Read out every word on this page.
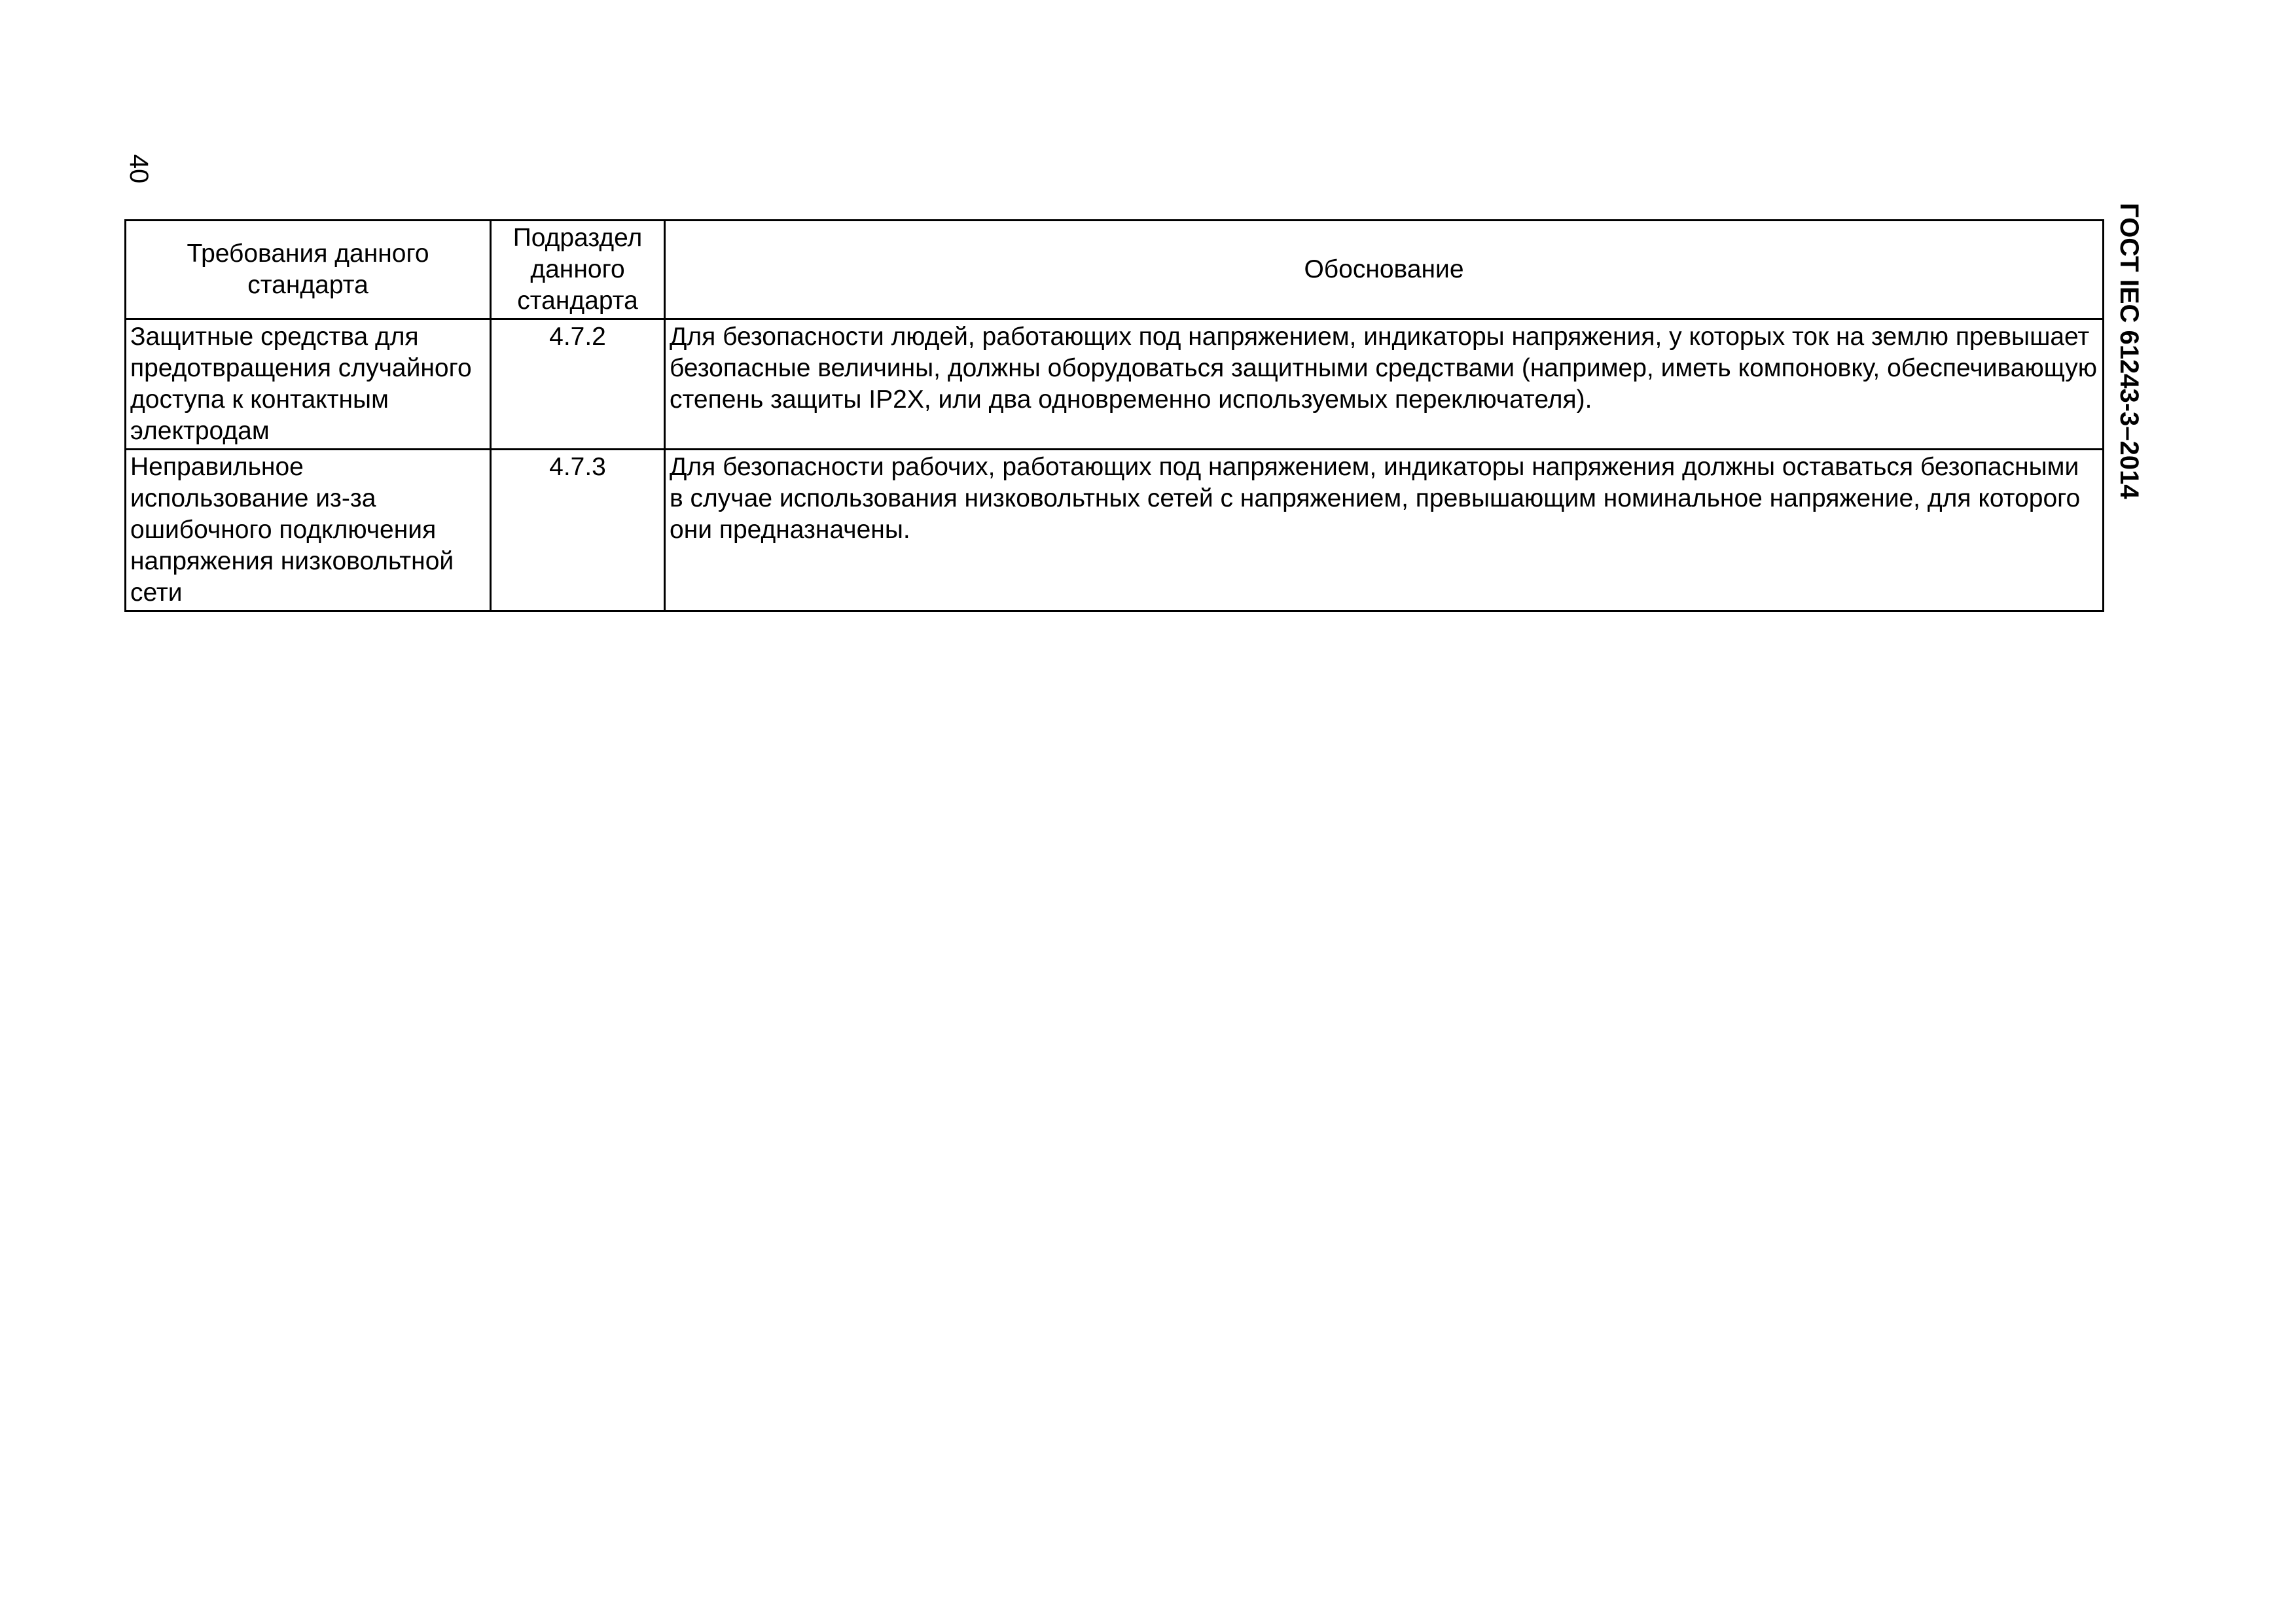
40
ГОСТ IEC 61243-3–2014
Требования данного стандарта	Подраздел данного стандарта	Обоснование
Защитные средства для предотвращения случайного доступа к контактным электродам	4.7.2	Для безопасности людей, работающих под напряжением, индикаторы напряжения, у которых ток на землю превышает безопасные величины, должны оборудоваться защитными средствами (например, иметь компоновку, обеспечивающую степень защиты IP2X, или два одновременно используемых переключателя).
Неправильное использование из-за ошибочного подключения напряжения низковольтной сети	4.7.3	Для безопасности рабочих, работающих под напряжением, индикаторы напряжения должны оставаться безопасными в случае использования низковольтных сетей с напряжением, превышающим номинальное напряжение, для которого они предназначены.
